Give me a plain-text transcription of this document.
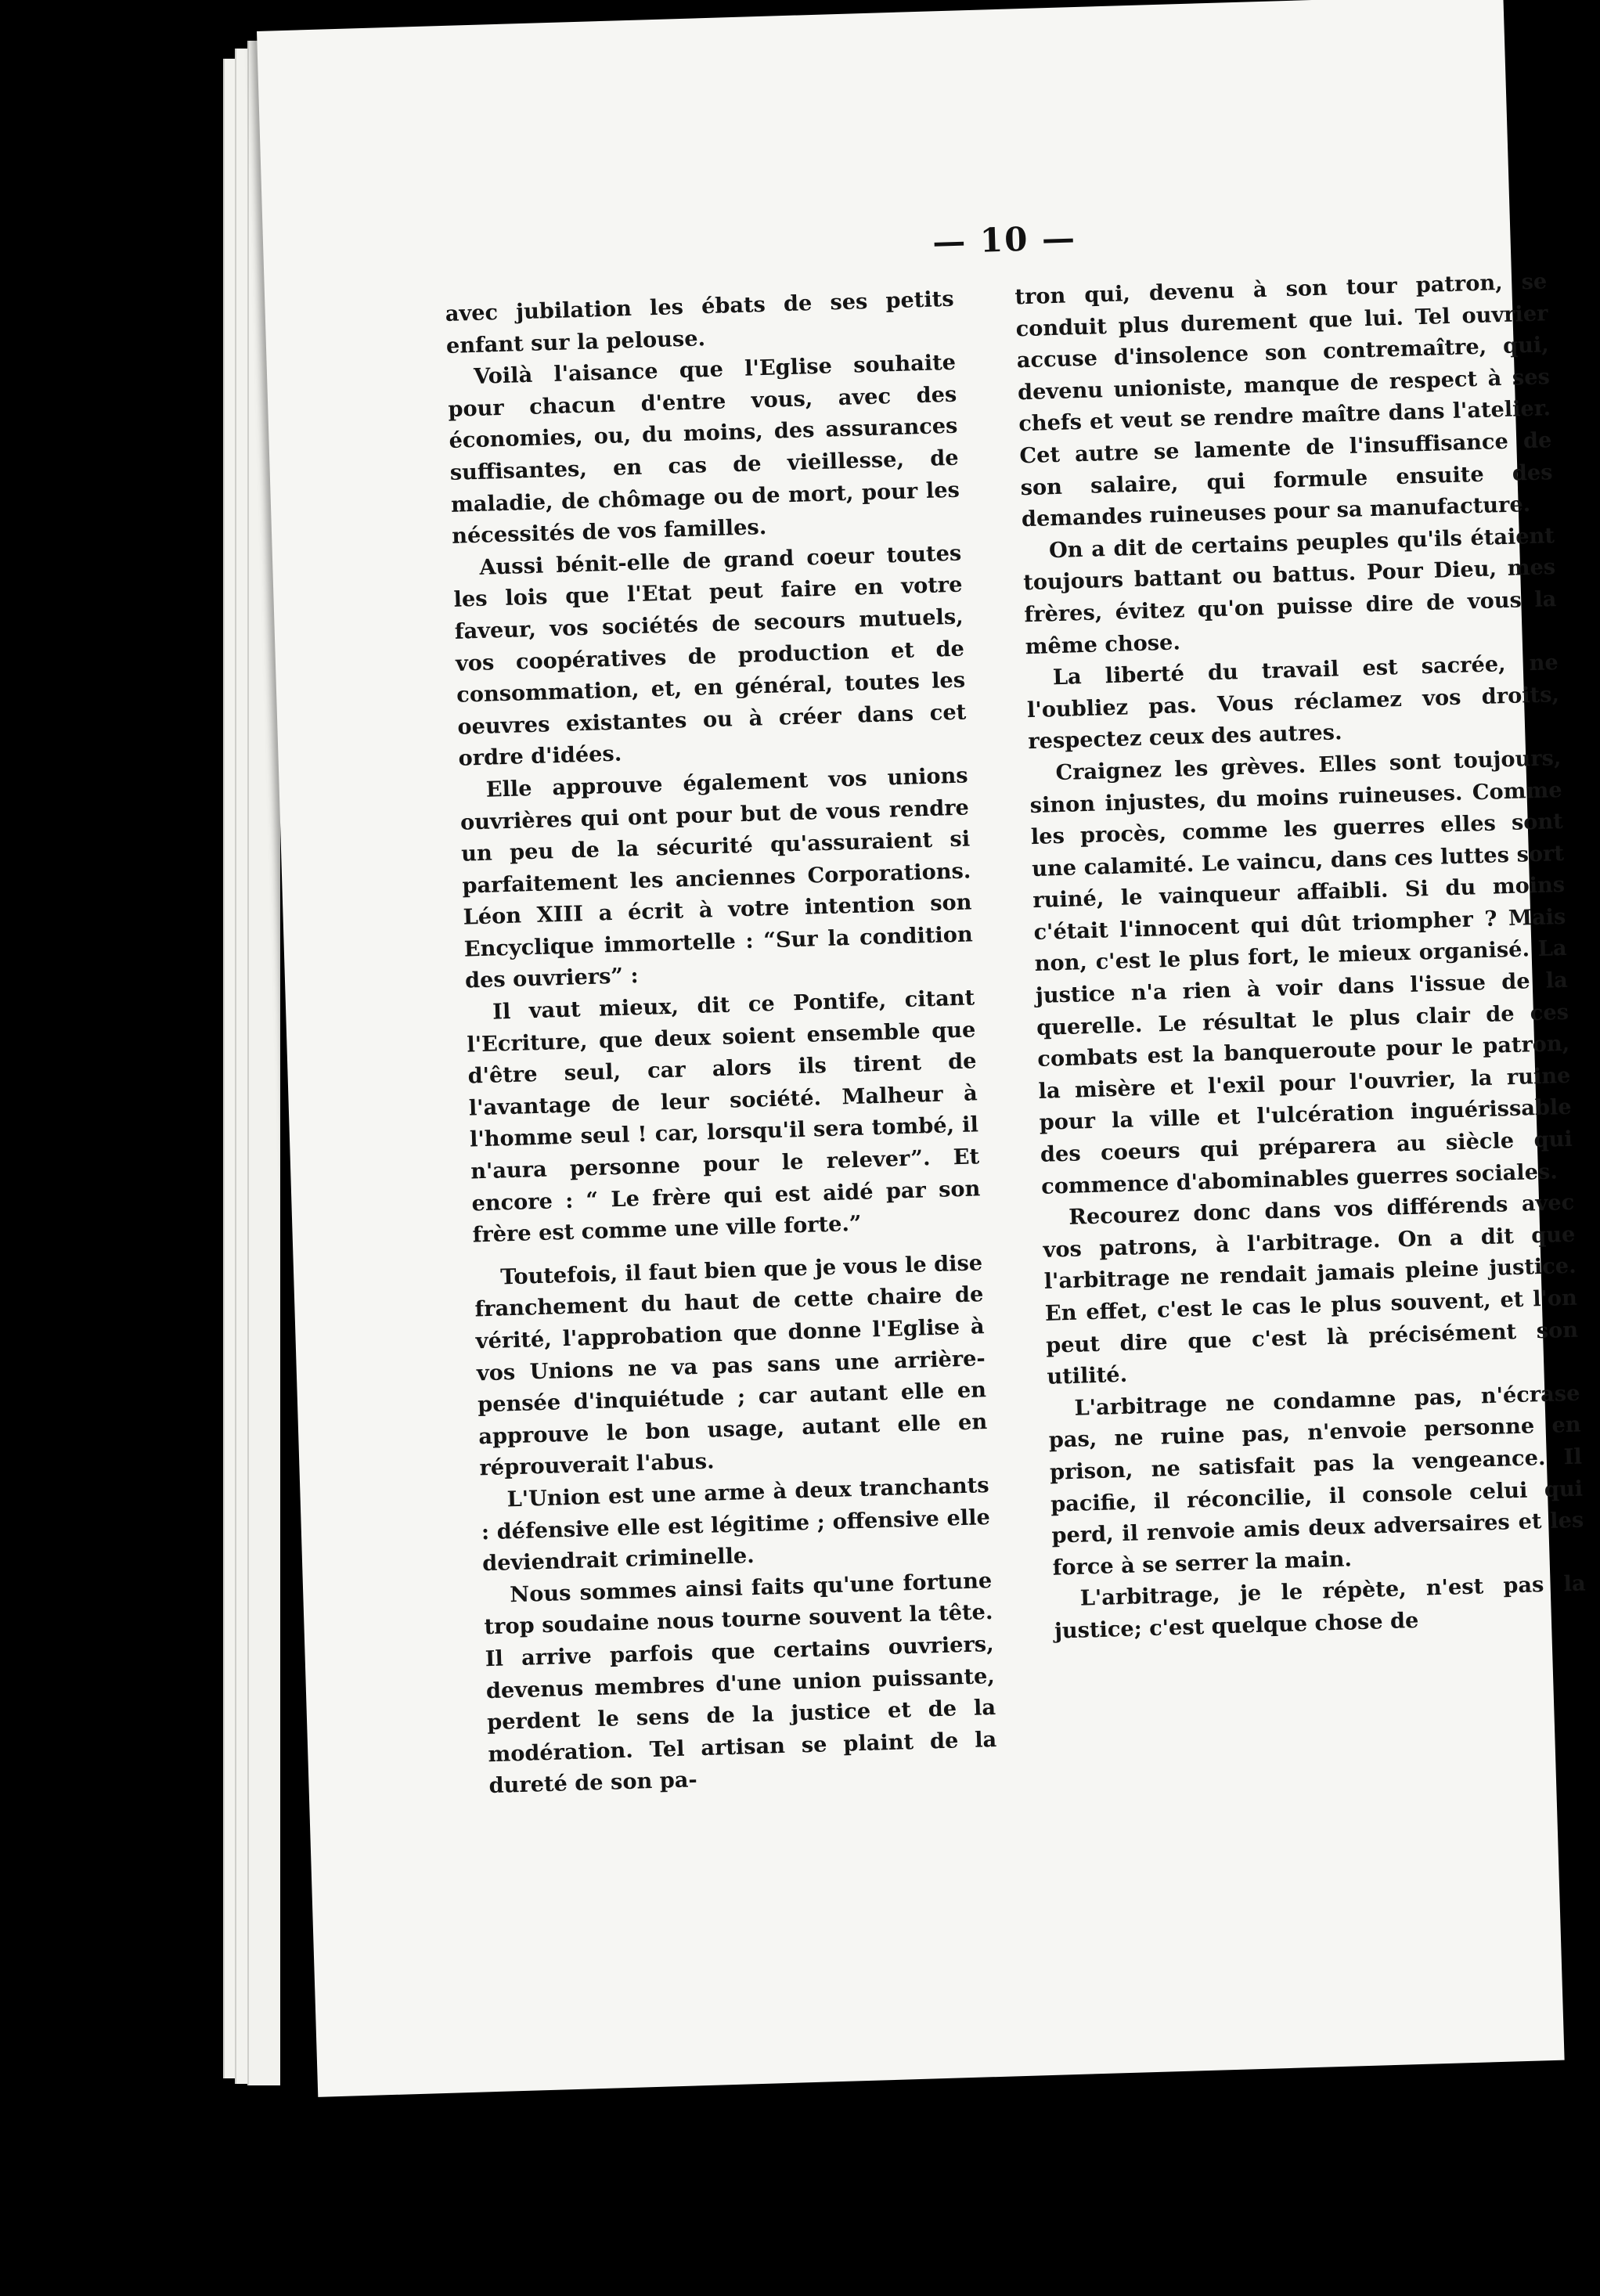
— 10 —

avec jubilation les ébats de ses petits enfant sur la pelouse.

Voilà l'aisance que l'Eglise souhaite pour chacun d'entre vous, avec des économies, ou, du moins, des assurances suffisantes, en cas de vieillesse, de maladie, de chômage ou de mort, pour les nécessités de vos familles.

Aussi bénit-elle de grand coeur toutes les lois que l'Etat peut faire en votre faveur, vos sociétés de secours mutuels, vos coopératives de production et de consommation, et, en général, toutes les oeuvres existantes ou à créer dans cet ordre d'idées.

Elle approuve également vos unions ouvrières qui ont pour but de vous rendre un peu de la sécurité qu'assuraient si parfaitement les anciennes Corporations. Léon XIII a écrit à votre intention son Encyclique immortelle : “Sur la condition des ouvriers” :

Il vaut mieux, dit ce Pontife, citant l'Ecriture, que deux soient ensemble que d'être seul, car alors ils tirent de l'avantage de leur société. Malheur à l'homme seul ! car, lorsqu'il sera tombé, il n'aura personne pour le relever”. Et encore : “ Le frère qui est aidé par son frère est comme une ville forte.”

Toutefois, il faut bien que je vous le dise franchement du haut de cette chaire de vérité, l'approbation que donne l'Eglise à vos Unions ne va pas sans une arrière-pensée d'inquiétude ; car autant elle en approuve le bon usage, autant elle en réprouverait l'abus.

L'Union est une arme à deux tranchants : défensive elle est légitime ; offensive elle deviendrait criminelle.

Nous sommes ainsi faits qu'une fortune trop soudaine nous tourne souvent la tête. Il arrive parfois que certains ouvriers, devenus membres d'une union puissante, perdent le sens de la justice et de la modération. Tel artisan se plaint de la dureté de son pa-

tron qui, devenu à son tour patron, se conduit plus durement que lui. Tel ouvrier accuse d'insolence son contremaître, qui, devenu unioniste, manque de respect à ses chefs et veut se rendre maître dans l'atelier. Cet autre se lamente de l'insuffisance de son salaire, qui formule ensuite des demandes ruineuses pour sa manufacture.

On a dit de certains peuples qu'ils étaient toujours battant ou battus. Pour Dieu, mes frères, évitez qu'on puisse dire de vous la même chose.

La liberté du travail est sacrée, ne l'oubliez pas. Vous réclamez vos droits, respectez ceux des autres.

Craignez les grèves. Elles sont toujours, sinon injustes, du moins ruineuses. Comme les procès, comme les guerres elles sont une calamité. Le vaincu, dans ces luttes sort ruiné, le vainqueur affaibli. Si du moins c'était l'innocent qui dût triompher ? Mais non, c'est le plus fort, le mieux organisé. La justice n'a rien à voir dans l'issue de la querelle. Le résultat le plus clair de ces combats est la banqueroute pour le patron, la misère et l'exil pour l'ouvrier, la ruine pour la ville et l'ulcération inguérissable des coeurs qui préparera au siècle qui commence d'abominables guerres sociales.

Recourez donc dans vos différends avec vos patrons, à l'arbitrage. On a dit que l'arbitrage ne rendait jamais pleine justice. En effet, c'est le cas le plus souvent, et l'on peut dire que c'est là précisément son utilité.

L'arbitrage ne condamne pas, n'écrase pas, ne ruine pas, n'envoie personne en prison, ne satisfait pas la vengeance. Il pacifie, il réconcilie, il console celui qui perd, il renvoie amis deux adversaires et les force à se serrer la main.

L'arbitrage, je le répète, n'est pas la justice; c'est quelque chose de
